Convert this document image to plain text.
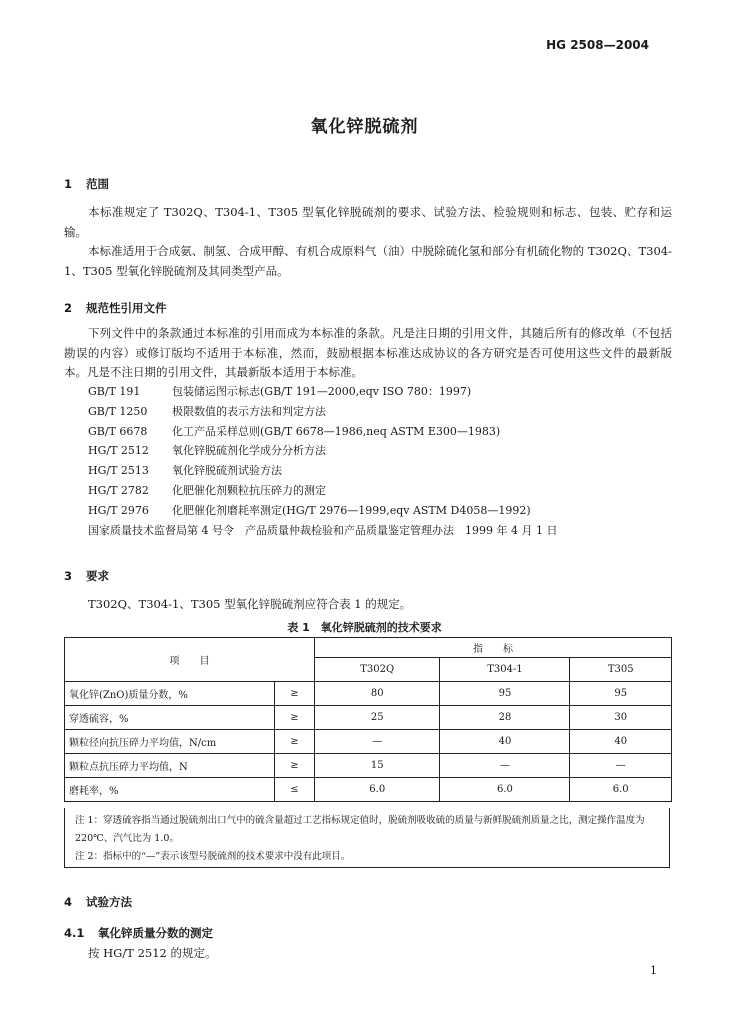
HG 2508—2004
氧化锌脱硫剂
1 范围

本标准规定了 T302Q、T304-1、T305 型氧化锌脱硫剂的要求、试验方法、检验规则和标志、包装、贮存和运输。

本标准适用于合成氨、制氢、合成甲醇、有机合成原料气（油）中脱除硫化氢和部分有机硫化物的 T302Q、T304-1、T305 型氧化锌脱硫剂及其同类型产品。

2 规范性引用文件

下列文件中的条款通过本标准的引用而成为本标准的条款。凡是注日期的引用文件，其随后所有的修改单（不包括勘误的内容）或修订版均不适用于本标准，然而，鼓励根据本标准达成协议的各方研究是否可使用这些文件的最新版本。凡是不注日期的引用文件，其最新版本适用于本标准。

GB/T 191	包装储运图示标志(GB/T 191—2000,eqv ISO 780：1997)
GB/T 1250 极限数值的表示方法和判定方法
GB/T 6678 化工产品采样总则(GB/T 6678—1986,neq ASTM E300—1983)
HG/T 2512 氧化锌脱硫剂化学成分分析方法
HG/T 2513 氧化锌脱硫剂试验方法
HG/T 2782 化肥催化剂颗粒抗压碎力的测定
HG/T 2976 化肥催化剂磨耗率测定(HG/T 2976—1999,eqv ASTM D4058—1992)
国家质量技术监督局第 4 号令　产品质量仲裁检验和产品质量鉴定管理办法　1999 年 4 月 1 日
3 要求

T302Q、T304-1、T305 型氧化锌脱硫剂应符合表 1 的规定。

表 1　氧化锌脱硫剂的技术要求
项　　目		指　　标		
		T302Q	T304-1	T305
氧化锌(ZnO)质量分数，%	≥	80	95	95
穿透硫容，%	≥	25	28	30
颗粒径向抗压碎力平均值，N/cm	≥	—	40	40
颗粒点抗压碎力平均值，N	≥	15	—	—
磨耗率，%	≤	6.0	6.0	6.0
注 1：穿透硫容指当通过脱硫剂出口气中的硫含量超过工艺指标规定值时，脱硫剂吸收硫的质量与新鲜脱硫剂质量之比，测定操作温度为 220℃、汽气比为 1.0。
注 2：指标中的“—”表示该型号脱硫剂的技术要求中没有此项目。
4 试验方法
4.1 氧化锌质量分数的测定

按 HG/T 2512 的规定。

1
